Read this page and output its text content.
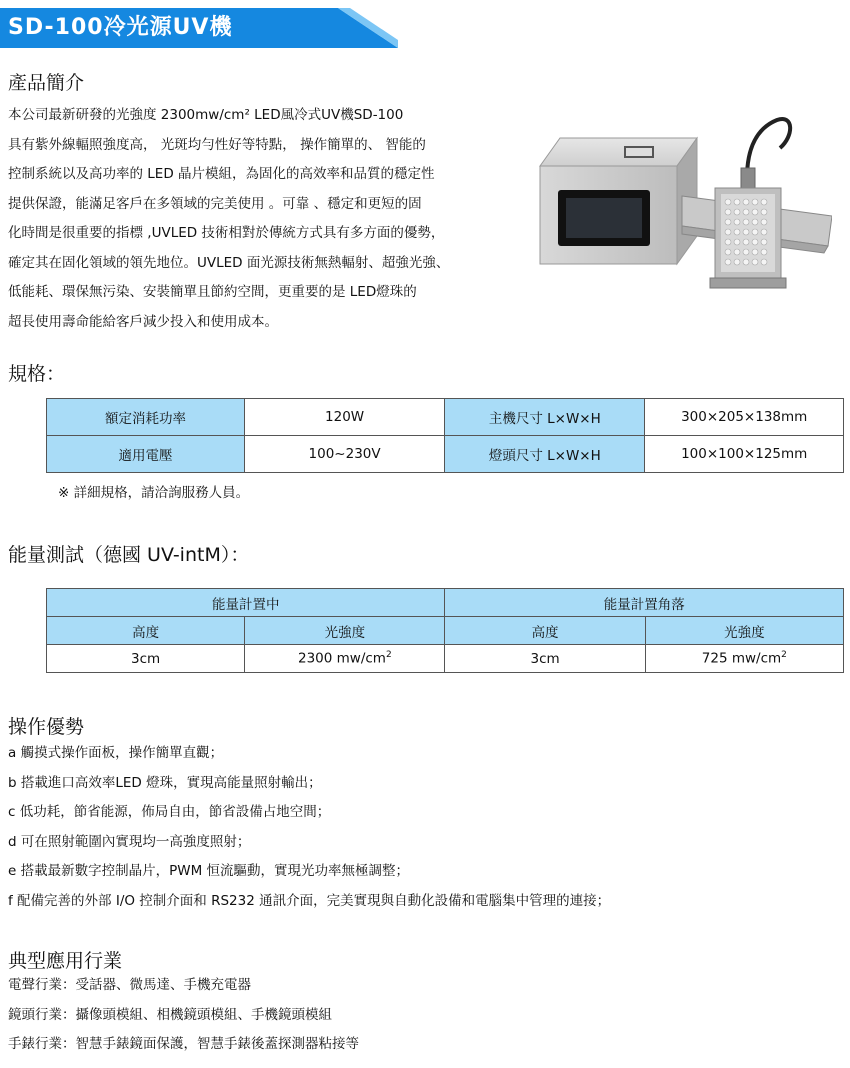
SD-100冷光源UV機
產品簡介
本公司最新研發的光強度 2300mw/cm² LED風冷式UV機SD-100
具有紫外線輻照強度高， 光斑均勻性好等特點， 操作簡單的、 智能的
控制系統以及高功率的 LED 晶片模組，為固化的高效率和品質的穩定性
提供保證，能滿足客戶在多領域的完美使用 。可靠 、穩定和更短的固
化時間是很重要的指標 ,UVLED 技術相對於傳統方式具有多方面的優勢，
確定其在固化領域的領先地位。UVLED 面光源技術無熱輻射、超強光強、
低能耗、環保無污染、安裝簡單且節約空間，更重要的是 LED燈珠的
超長使用壽命能給客戶減少投入和使用成本。
規格：
額定消耗功率	120W	主機尺寸 L×W×H	300×205×138mm
適用電壓	100~230V	燈頭尺寸 L×W×H	100×100×125mm
※ 詳細規格，請洽詢服務人員。
能量測試（德國 UV-intM）：
能量計置中		能量計置角落	
高度	光強度	高度	光強度
3cm	2300 $mw/cm^2$	3cm	725 $mw/cm^2$
操作優勢
a 觸摸式操作面板，操作簡單直觀；
b 搭載進口高效率LED 燈珠，實現高能量照射輸出；
c 低功耗，節省能源，佈局自由，節省設備占地空間；
d 可在照射範圍內實現均一高強度照射；
e 搭載最新數字控制晶片，PWM 恒流驅動，實現光功率無極調整；
f 配備完善的外部 I/O 控制介面和 RS232 通訊介面，完美實現與自動化設備和電腦集中管理的連接；
典型應用行業
電聲行業：受話器、微馬達、手機充電器
鏡頭行業：攝像頭模組、相機鏡頭模組、手機鏡頭模組
手錶行業：智慧手錶鏡面保護，智慧手錶後蓋探測器粘接等
